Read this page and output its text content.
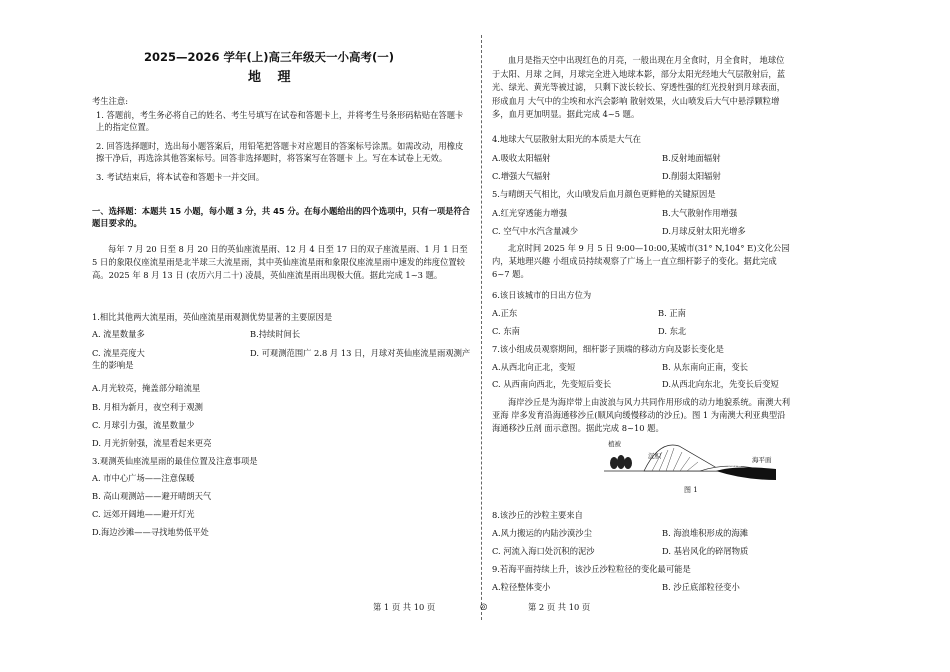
2025—2026 学年(上)高三年级天一小高考(一)
地 理
考生注意:
1. 答题前，考生务必将自己的姓名、考生号填写在试卷和答题卡上，并将考生号条形码粘贴在答题卡上的指定位置。
2. 回答选择题时，选出每小题答案后，用铅笔把答题卡对应题目的答案标号涂黑。如需改动，用橡皮擦干净后，再选涂其他答案标号。回答非选择题时，将答案写在答题卡 上。写在本试卷上无效。
3. 考试结束后，将本试卷和答题卡一并交回。
一、选择题：本题共 15 小题，每小题 3 分，共 45 分。在每小题给出的四个选项中，只有一项是符合题目要求的。
每年 7 月 20 日至 8 月 20 日的英仙座流星雨、12 月 4 日至 17 日的双子座流星雨、1 月 1 日至 5 日的象限仪座流星雨是北半球三大流星雨，其中英仙座流星雨和象限仪座流星雨中速发的纬度位置较高。2025 年 8 月 13 日 (农历六月二十) 凌晨，英仙座流星雨出现极大值。据此完成 1~3 题。
1.相比其他两大流星雨，英仙座流星雨观测优势显著的主要原因是
A. 流星数量多	B.持续时间长
C. 流星亮度大	D. 可观测范围广 2.8 月 13 日，月球对英仙座流星雨观测产生的影响是
A.月光较亮，掩盖部分暗流星
B. 月相为新月，夜空利于观测
C. 月球引力强，流星数量少
D. 月光折射强，流星看起来更亮
3.观测英仙座流星雨的最佳位置及注意事项是
A. 市中心广场——注意保暖
B. 高山观测站——避开晴朗天气
C. 远郊开阔地——避开灯光
D.海边沙滩——寻找地势低平处
血月是指天空中出现红色的月亮，一般出现在月全食时，月全食时， 地球位于太阳、月球 之间，月球完全进入地球本影，部分太阳光经地大气层散射后，蓝光、绿光、黄光等被过滤， 只剩下波长较长、穿透性强的红光投射到月球表面， 形成血月 大气中的尘埃和水汽会影响 散射效果，火山喷发后大气中悬浮颗粒增多，血月更加明显。据此完成 4~5 题。
4.地球大气层散射太阳光的本质是大气在
A.吸收太阳辐射	B.反射地面辐射
C.增强大气辐射	D.削弱太阳辐射
5.与晴朗天气相比，火山喷发后血月颜色更鲜艳的关键原因是
A.红光穿透能力增强	B.大气散射作用增强
C. 空气中水汽含量减少	D.月球反射太阳光增多
北京时间 2025 年 9 月 5 日 9:00—10:00,某城市(31° N,104° E)文化公园内，某地理兴趣 小组成员持续观察了广场上一直立细杆影子的变化。据此完成 6~7 题。
6.该日该城市的日出方位为
A.正东	B. 正南
C. 东南	D. 东北
7.该小组成员观察期间，细杆影子顶端的移动方向及影长变化是
A.从西北向正北，变短	B. 从东南向正南，变长
C. 从西南向西北，先变短后变长	D.从西北向东北，先变长后变短
海岸沙丘是为海岸带上由波浪与风力共同作用形成的动力地貌系统。南澳大利亚海 岸多发育沿海通移沙丘(顺风向缓慢移动的沙丘)。图 1 为南澳大利亚典型沿海通移沙丘剖 面示意图。据此完成 8~10 题。
植被
沉积
海滩 海平面
图 1
8.该沙丘的沙粒主要来自
A.风力搬运的内陆沙漠沙尘	B. 海浪堆积形成的海滩
C. 河流入海口处沉积的泥沙	D. 基岩风化的碎屑物质
9.若海平面持续上升，该沙丘沙粒粒径的变化最可能是
A.粒径整体变小	B. 沙丘底部粒径变小
第 1 页 共 10 页	◎	第 2 页 共 10 页
